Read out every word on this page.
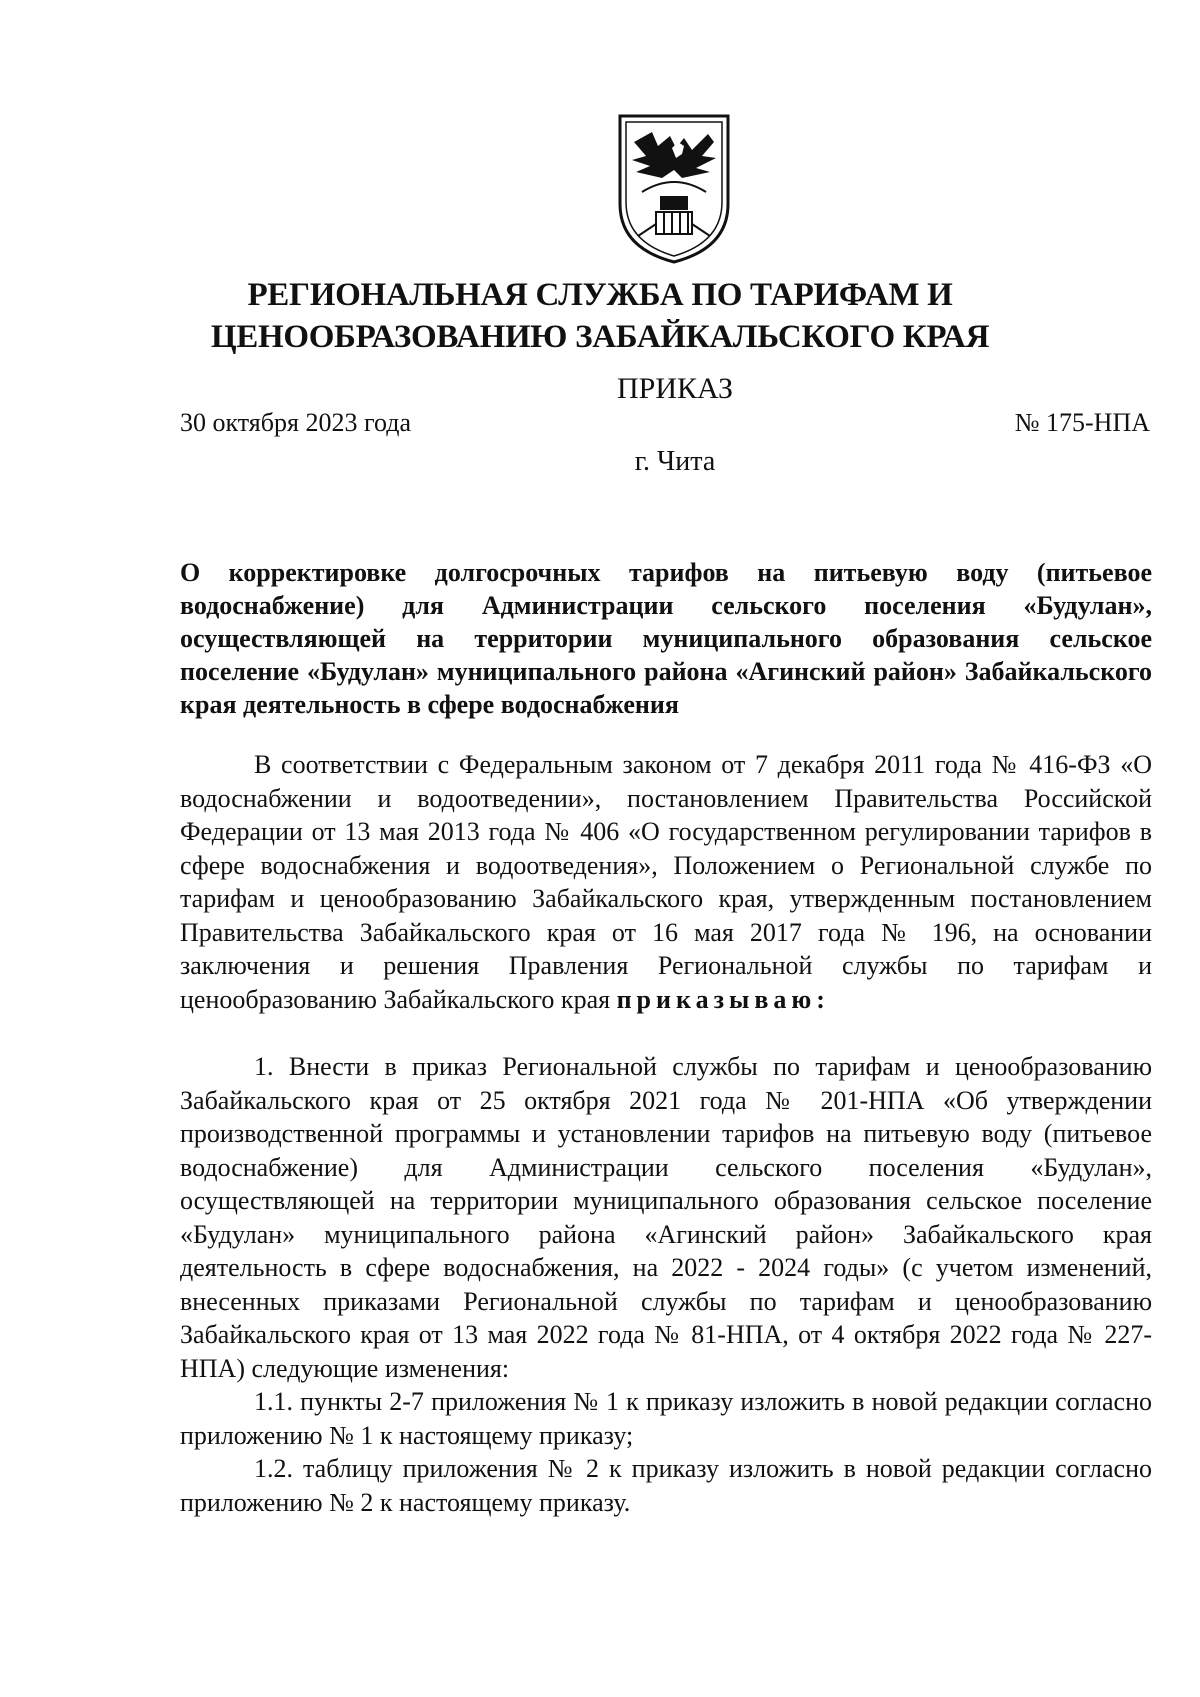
РЕГИОНАЛЬНАЯ СЛУЖБА ПО ТАРИФАМ И
ЦЕНООБРАЗОВАНИЮ ЗАБАЙКАЛЬСКОГО КРАЯ
ПРИКАЗ
30 октября 2023 года	№ 175-НПА
г. Чита
О корректировке долгосрочных тарифов на питьевую воду (питьевое водоснабжение) для Администрации сельского поселения «Будулан», осуществляющей на территории муниципального образования сельское поселение «Будулан» муниципального района «Агинский район» Забайкальского края деятельность в сфере водоснабжения

В соответствии с Федеральным законом от 7 декабря 2011 года № 416-ФЗ «О водоснабжении и водоотведении», постановлением Правительства Российской Федерации от 13 мая 2013 года № 406 «О государственном регулировании тарифов в сфере водоснабжения и водоотведения», Положением о Региональной службе по тарифам и ценообразованию Забайкальского края, утвержденным постановлением Правительства Забайкальского края от 16 мая 2017 года № 196, на основании заключения и решения Правления Региональной службы по тарифам и ценообразованию Забайкальского края приказываю:

1. Внести в приказ Региональной службы по тарифам и ценообразованию Забайкальского края от 25 октября 2021 года № 201-НПА «Об утверждении производственной программы и установлении тарифов на питьевую воду (питьевое водоснабжение) для Администрации сельского поселения «Будулан», осуществляющей на территории муниципального образования сельское поселение «Будулан» муниципального района «Агинский район» Забайкальского края деятельность в сфере водоснабжения, на 2022 - 2024 годы» (с учетом изменений, внесенных приказами Региональной службы по тарифам и ценообразованию Забайкальского края от 13 мая 2022 года № 81-НПА, от 4 октября 2022 года № 227-НПА) следующие изменения:

1.1. пункты 2-7 приложения № 1 к приказу изложить в новой редакции согласно приложению № 1 к настоящему приказу;

1.2. таблицу приложения № 2 к приказу изложить в новой редакции согласно приложению № 2 к настоящему приказу.
